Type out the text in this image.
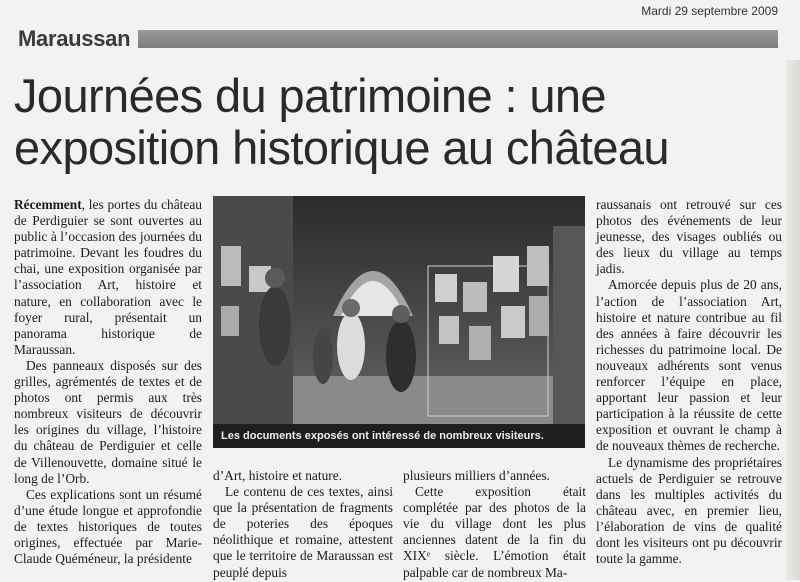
Mardi 29 septembre 2009
Maraussan
Journées du patrimoine : une
exposition historique au château

Récemment, les portes du château de Perdiguier se sont ouvertes au public à l’occasion des journées du patrimoine. Devant les foudres du chai, une exposition organisée par l’association Art, histoire et nature, en collaboration avec le foyer rural, présentait un panorama historique de Maraussan.

Des panneaux disposés sur des grilles, agrémentés de textes et de photos ont permis aux très nombreux visiteurs de découvrir les origines du village, l’histoire du château de Perdiguier et celle de Villenouvette, domaine situé le long de l’Orb.

Ces explications sont un résumé d’une étude longue et approfondie de textes historiques de toutes origines, effectuée par Marie-Claude Quéméneur, la présidente

Les documents exposés ont intéressé de nombreux visiteurs.

d’Art, histoire et nature.

Le contenu de ces textes, ainsi que la présentation de fragments de poteries des époques néolithique et romaine, attestent que le territoire de Maraussan est peuplé depuis

plusieurs milliers d’années.

Cette exposition était complétée par des photos de la vie du village dont les plus anciennes datent de la fin du XIXᵉ siècle. L’émotion était palpable car de nombreux Ma-

raussanais ont retrouvé sur ces photos des événements de leur jeunesse, des visages oubliés ou des lieux du village au temps jadis.

Amorcée depuis plus de 20 ans, l’action de l’association Art, histoire et nature contribue au fil des années à faire découvrir les richesses du patrimoine local. De nouveaux adhérents sont venus renforcer l’équipe en place, apportant leur passion et leur participation à la réussite de cette exposition et ouvrant le champ à de nouveaux thèmes de recherche.

Le dynamisme des propriétaires actuels de Perdiguier se retrouve dans les multiples activités du château avec, en premier lieu, l’élaboration de vins de qualité dont les visiteurs ont pu découvrir toute la gamme.
